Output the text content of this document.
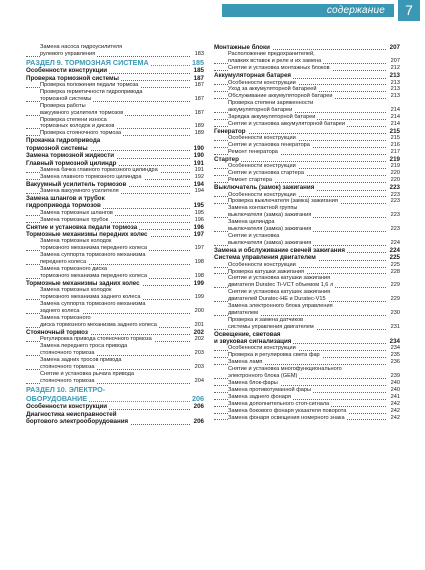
содержание	7
Замена насоса гидроусилителя
рулевого управления	183
РАЗДЕЛ 9. ТОРМОЗНАЯ СИСТЕМА	185
Особенности конструкции	185
Проверка тормозной системы	187
Проверка положения педали тормоза	187
Проверка герметичности гидропривода
тормозной системы	187
Проверка работы
вакуумного усилителя тормозов	187
Проверка степени износа
тормозных колодок и дисков	189
Проверка стояночного тормоза	189
Прокачка гидропривода
тормозной системы	190
Замена тормозной жидкости	190
Главный тормозной цилиндр	191
Замена бачка главного тормозного цилиндра	191
Замена главного тормозного цилиндра	192
Вакуумный усилитель тормозов	194
Замена вакуумного усилителя	194
Замена шлангов и трубок
гидропривода тормозов	195
Замена тормозных шлангов	195
Замена тормозных трубок	196
Снятие и установка педали тормоза	196
Тормозные механизмы передних колес	197
Замена тормозных колодок
тормозного механизма переднего колеса	197
Замена суппорта тормозного механизма
переднего колеса	198
Замена тормозного диска
тормозного механизма переднего колеса	198
Тормозные механизмы задних колес	199
Замена тормозных колодок
тормозного механизма заднего колеса	199
Замена суппорта тормозного механизма
заднего колеса	200
Замена тормозного
диска тормозного механизма заднего колеса	201
Стояночный тормоз	202
Регулировка привода стояночного тормоза	202
Замена переднего троса привода
стояночного тормоза	203
Замена задних тросов привода
стояночного тормоза	203
Снятие и установка рычага привода
стояночного тормоза	204
РАЗДЕЛ 10. ЭЛЕКТРО-
ОБОРУДОВАНИЕ	206
Особенности конструкции	206
Диагностика неисправностей
бортового электрооборудования	206
Монтажные блоки	207
Расположение предохранителей,
плавких вставок и реле и их замена	207
Снятие и установка монтажных блоков	212
Аккумуляторная батарея	213
Особенности конструкции	213
Уход за аккумуляторной батареей	213
Обслуживание аккумуляторной батареи	213
Проверка степени заряженности
аккумуляторной батареи	214
Зарядка аккумуляторной батареи	214
Снятие и установка аккумуляторной батареи	214
Генератор	215
Особенности конструкции	215
Снятие и установка генератора	216
Ремонт генератора	217
Стартер	219
Особенности конструкции	219
Снятие и установка стартера	220
Ремонт стартера	220
Выключатель (замок) зажигания	223
Особенности конструкции	223
Проверка выключателя (замка) зажигания	223
Замена контактной группы
выключателя (замка) зажигания	223
Замена цилиндра
выключателя (замка) зажигания	223
Снятие и установка
выключателя (замка) зажигания	224
Замена и обслуживание свечей зажигания	224
Система управления двигателем	225
Особенности конструкции	225
Проверка катушки зажигания	228
Снятие и установка катушки зажигания
двигателя Duratec Ti-VCT объемом 1,6 л	229
Снятие и установка катушек зажигания
двигателей Duratec-HE и Duratec-V15	229
Замена электронного блока управления
двигателем	230
Проверка и замена датчиков
системы управления двигателем	231
Освещение, световая
и звуковая сигнализация	234
Особенности конструкции	234
Проверка и регулировка света фар	235
Замена ламп	236
Снятие и установка многофункционального
электронного блока (GEM)	239
Замена блок-фары	240
Замена противотуманной фары	240
Замена заднего фонаря	241
Замена дополнительного стоп-сигнала	242
Замена бокового фонаря указателя поворота	242
Замена фонаря освещения номерного знака	242
